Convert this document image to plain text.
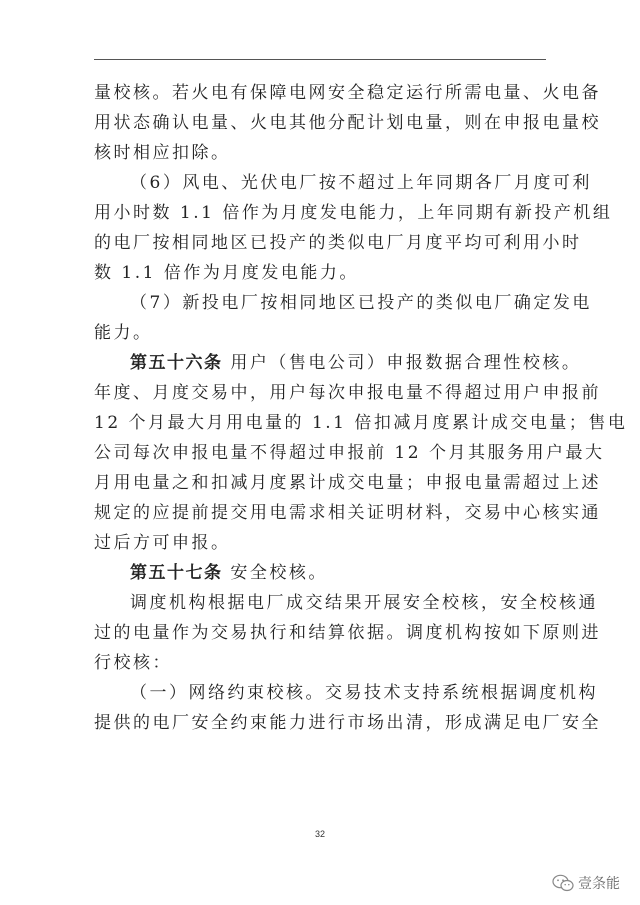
量校核。若火电有保障电网安全稳定运行所需电量、火电备
用状态确认电量、火电其他分配计划电量，则在申报电量校
核时相应扣除。
（6）风电、光伏电厂按不超过上年同期各厂月度可利
用小时数 1.1 倍作为月度发电能力，上年同期有新投产机组
的电厂按相同地区已投产的类似电厂月度平均可利用小时
数 1.1 倍作为月度发电能力。
（7）新投电厂按相同地区已投产的类似电厂确定发电
能力。
第五十六条 用户（售电公司）申报数据合理性校核。
年度、月度交易中，用户每次申报电量不得超过用户申报前
12 个月最大月用电量的 1.1 倍扣减月度累计成交电量；售电
公司每次申报电量不得超过申报前 12 个月其服务用户最大
月用电量之和扣减月度累计成交电量；申报电量需超过上述
规定的应提前提交用电需求相关证明材料，交易中心核实通
过后方可申报。
第五十七条 安全校核。
调度机构根据电厂成交结果开展安全校核，安全校核通
过的电量作为交易执行和结算依据。调度机构按如下原则进
行校核：
（一）网络约束校核。交易技术支持系统根据调度机构
提供的电厂安全约束能力进行市场出清，形成满足电厂安全
32
壹条能
